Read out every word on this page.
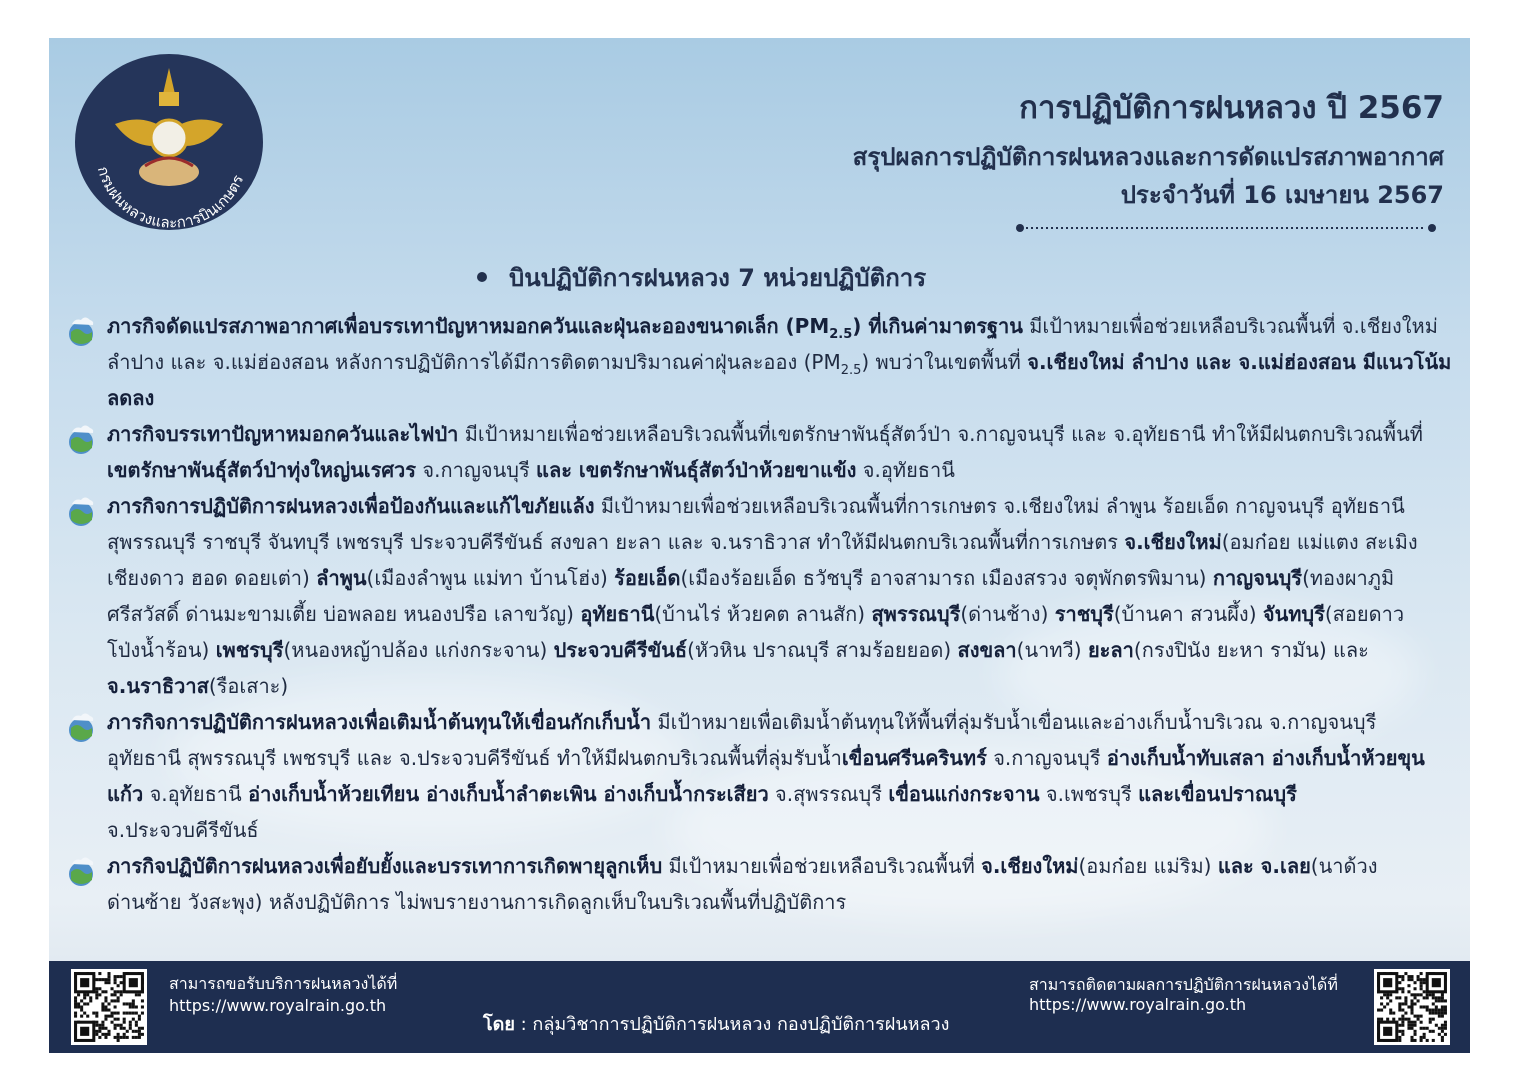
กรมฝนหลวงและการบินเกษตร
การปฏิบัติการฝนหลวง ปี 2567
สรุปผลการปฏิบัติการฝนหลวงและการดัดแปรสภาพอากาศ
ประจำวันที่ 16 เมษายน 2567
บินปฏิบัติการฝนหลวง 7 หน่วยปฏิบัติการ

ภารกิจดัดแปรสภาพอากาศเพื่อบรรเทาปัญหาหมอกควันและฝุ่นละอองขนาดเล็ก $(PM_{2.5})$ ที่เกินค่ามาตรฐาน มีเป้าหมายเพื่อช่วยเหลือบริเวณพื้นที่ จ.เชียงใหม่ ลำปาง และ จ.แม่ฮ่องสอน หลังการปฏิบัติการได้มีการติดตามปริมาณค่าฝุ่นละออง $(PM_{2.5})$ พบว่าในเขตพื้นที่ จ.เชียงใหม่ ลำปาง และ จ.แม่ฮ่องสอน มีแนวโน้มลดลง

ภารกิจบรรเทาปัญหาหมอกควันและไฟป่า มีเป้าหมายเพื่อช่วยเหลือบริเวณพื้นที่เขตรักษาพันธุ์สัตว์ป่า จ.กาญจนบุรี และ จ.อุทัยธานี ทำให้มีฝนตกบริเวณพื้นที่เขตรักษาพันธุ์สัตว์ป่าทุ่งใหญ่นเรศวร จ.กาญจนบุรี และ เขตรักษาพันธุ์สัตว์ป่าห้วยขาแข้ง จ.อุทัยธานี

ภารกิจการปฏิบัติการฝนหลวงเพื่อป้องกันและแก้ไขภัยแล้ง มีเป้าหมายเพื่อช่วยเหลือบริเวณพื้นที่การเกษตร จ.เชียงใหม่ ลำพูน ร้อยเอ็ด กาญจนบุรี อุทัยธานี สุพรรณบุรี ราชบุรี จันทบุรี เพชรบุรี ประจวบคีรีขันธ์ สงขลา ยะลา และ จ.นราธิวาส ทำให้มีฝนตกบริเวณพื้นที่การเกษตร จ.เชียงใหม่(อมก๋อย แม่แตง สะเมิง เชียงดาว ฮอด ดอยเต่า) ลำพูน(เมืองลำพูน แม่ทา บ้านโฮ่ง) ร้อยเอ็ด(เมืองร้อยเอ็ด ธวัชบุรี อาจสามารถ เมืองสรวง จตุพักตรพิมาน) กาญจนบุรี(ทองผาภูมิ ศรีสวัสดิ์ ด่านมะขามเตี้ย บ่อพลอย หนองปรือ เลาขวัญ) อุทัยธานี(บ้านไร่ ห้วยคต ลานสัก) สุพรรณบุรี(ด่านช้าง) ราชบุรี(บ้านคา สวนผึ้ง) จันทบุรี(สอยดาว โป่งน้ำร้อน) เพชรบุรี(หนองหญ้าปล้อง แก่งกระจาน) ประจวบคีรีขันธ์(หัวหิน ปราณบุรี สามร้อยยอด) สงขลา(นาทวี) ยะลา(กรงปินัง ยะหา รามัน) และ จ.นราธิวาส(รือเสาะ)

ภารกิจการปฏิบัติการฝนหลวงเพื่อเติมน้ำต้นทุนให้เขื่อนกักเก็บน้ำ มีเป้าหมายเพื่อเติมน้ำต้นทุนให้พื้นที่ลุ่มรับน้ำเขื่อนและอ่างเก็บน้ำบริเวณ จ.กาญจนบุรี อุทัยธานี สุพรรณบุรี เพชรบุรี และ จ.ประจวบคีรีขันธ์ ทำให้มีฝนตกบริเวณพื้นที่ลุ่มรับน้ำเขื่อนศรีนครินทร์ จ.กาญจนบุรี อ่างเก็บน้ำทับเสลา อ่างเก็บน้ำห้วยขุนแก้ว จ.อุทัยธานี อ่างเก็บน้ำห้วยเทียน อ่างเก็บน้ำลำตะเพิน อ่างเก็บน้ำกระเสียว จ.สุพรรณบุรี เขื่อนแก่งกระจาน จ.เพชรบุรี และเขื่อนปราณบุรี จ.ประจวบคีรีขันธ์

ภารกิจปฏิบัติการฝนหลวงเพื่อยับยั้งและบรรเทาการเกิดพายุลูกเห็บ มีเป้าหมายเพื่อช่วยเหลือบริเวณพื้นที่ จ.เชียงใหม่(อมก๋อย แม่ริม) และ จ.เลย(นาด้วง ด่านซ้าย วังสะพุง) หลังปฏิบัติการ ไม่พบรายงานการเกิดลูกเห็บในบริเวณพื้นที่ปฏิบัติการ

สามารถขอรับบริการฝนหลวงได้ที่
https://www.royalrain.go.th
โดย : กลุ่มวิชาการปฏิบัติการฝนหลวง กองปฏิบัติการฝนหลวง
สามารถติดตามผลการปฏิบัติการฝนหลวงได้ที่
https://www.royalrain.go.th
